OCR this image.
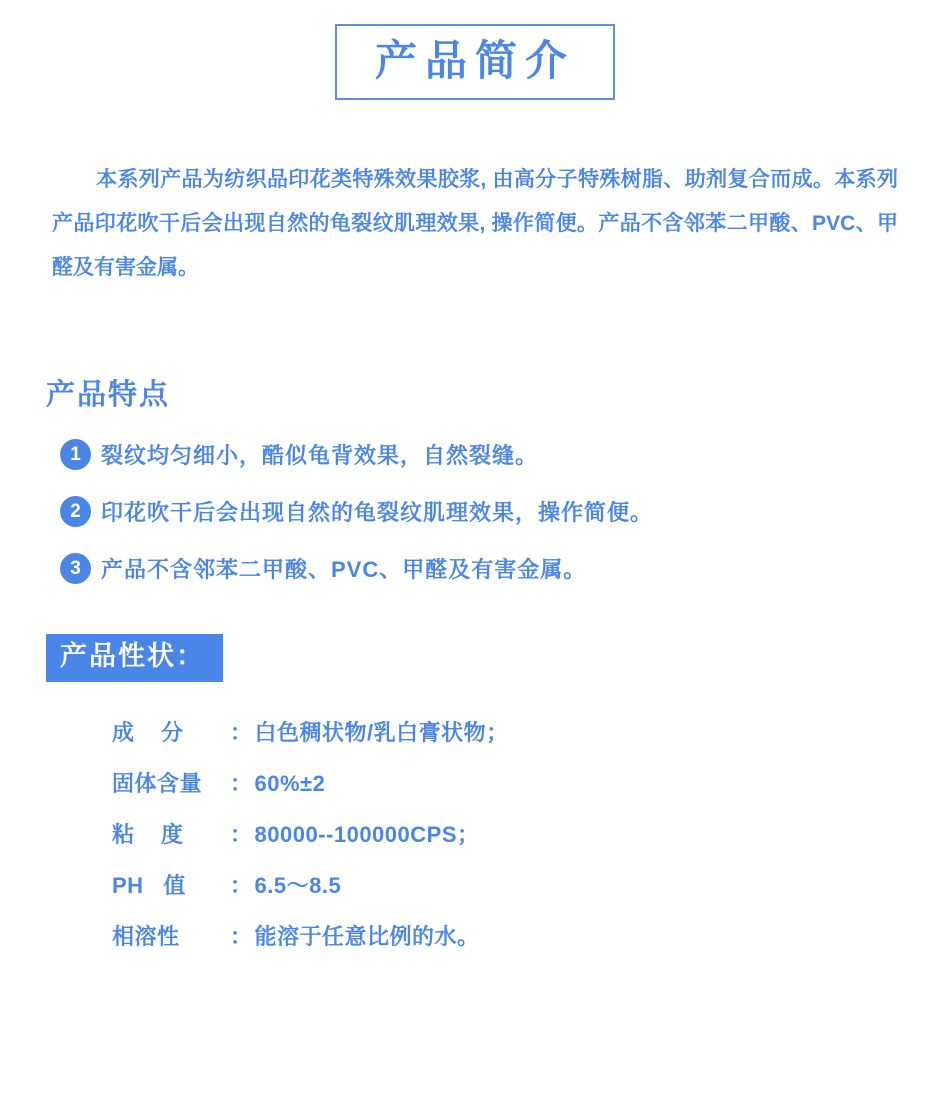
产品简介

本系列产品为纺织品印花类特殊效果胶浆, 由高分子特殊树脂、助剂复合而成。本系列产品印花吹干后会出现自然的龟裂纹肌理效果, 操作简便。产品不含邻苯二甲酸、PVC、甲醛及有害金属。

产品特点
1 裂纹均匀细小，酷似龟背效果，自然裂缝。
2 印花吹干后会出现自然的龟裂纹肌理效果，操作简便。
3 产品不含邻苯二甲酸、PVC、甲醛及有害金属。
产品性状：
成    分	： 白色稠状物/乳白膏状物；
固体含量	： 60%±2
粘    度	： 80000--100000CPS；
PH   值	： 6.5～8.5
相溶性	： 能溶于任意比例的水。
